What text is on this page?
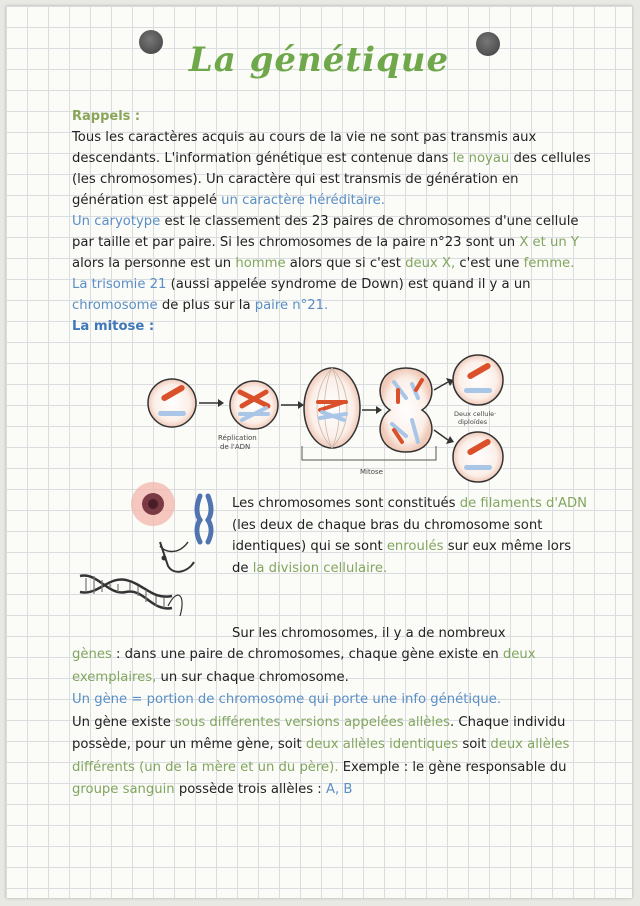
La génétique
Rappels :
Tous les caractères acquis au cours de la vie ne sont pas transmis aux descendants. L'information génétique est contenue dans le noyau des cellules (les chromosomes). Un caractère qui est transmis de génération en génération est appelé un caractère héréditaire.
Un caryotype est le classement des 23 paires de chromosomes d'une cellule par taille et par paire. Si les chromosomes de la paire n°23 sont un X et un Y alors la personne est un homme alors que si c'est deux X, c'est une femme. La trisomie 21 (aussi appelée syndrome de Down) est quand il y a un chromosome de plus sur la paire n°21.
La mitose :
Réplication
de l'ADN
Mitose
Deux cellule·
diploïdes
Les chromosomes sont constitués de filaments d'ADN (les deux de chaque bras du chromosome sont identiques) qui se sont enroulés sur eux même lors de la division cellulaire.
Sur les chromosomes, il y a de nombreux
gènes : dans une paire de chromosomes, chaque gène existe en deux exemplaires, un sur chaque chromosome.
Un gène = portion de chromosome qui porte une info génétique.
Un gène existe sous différentes versions appelées allèles. Chaque individu possède, pour un même gène, soit deux allèles identiques soit deux allèles différents (un de la mère et un du père). Exemple : le gène responsable du groupe sanguin possède trois allèles : A, B
